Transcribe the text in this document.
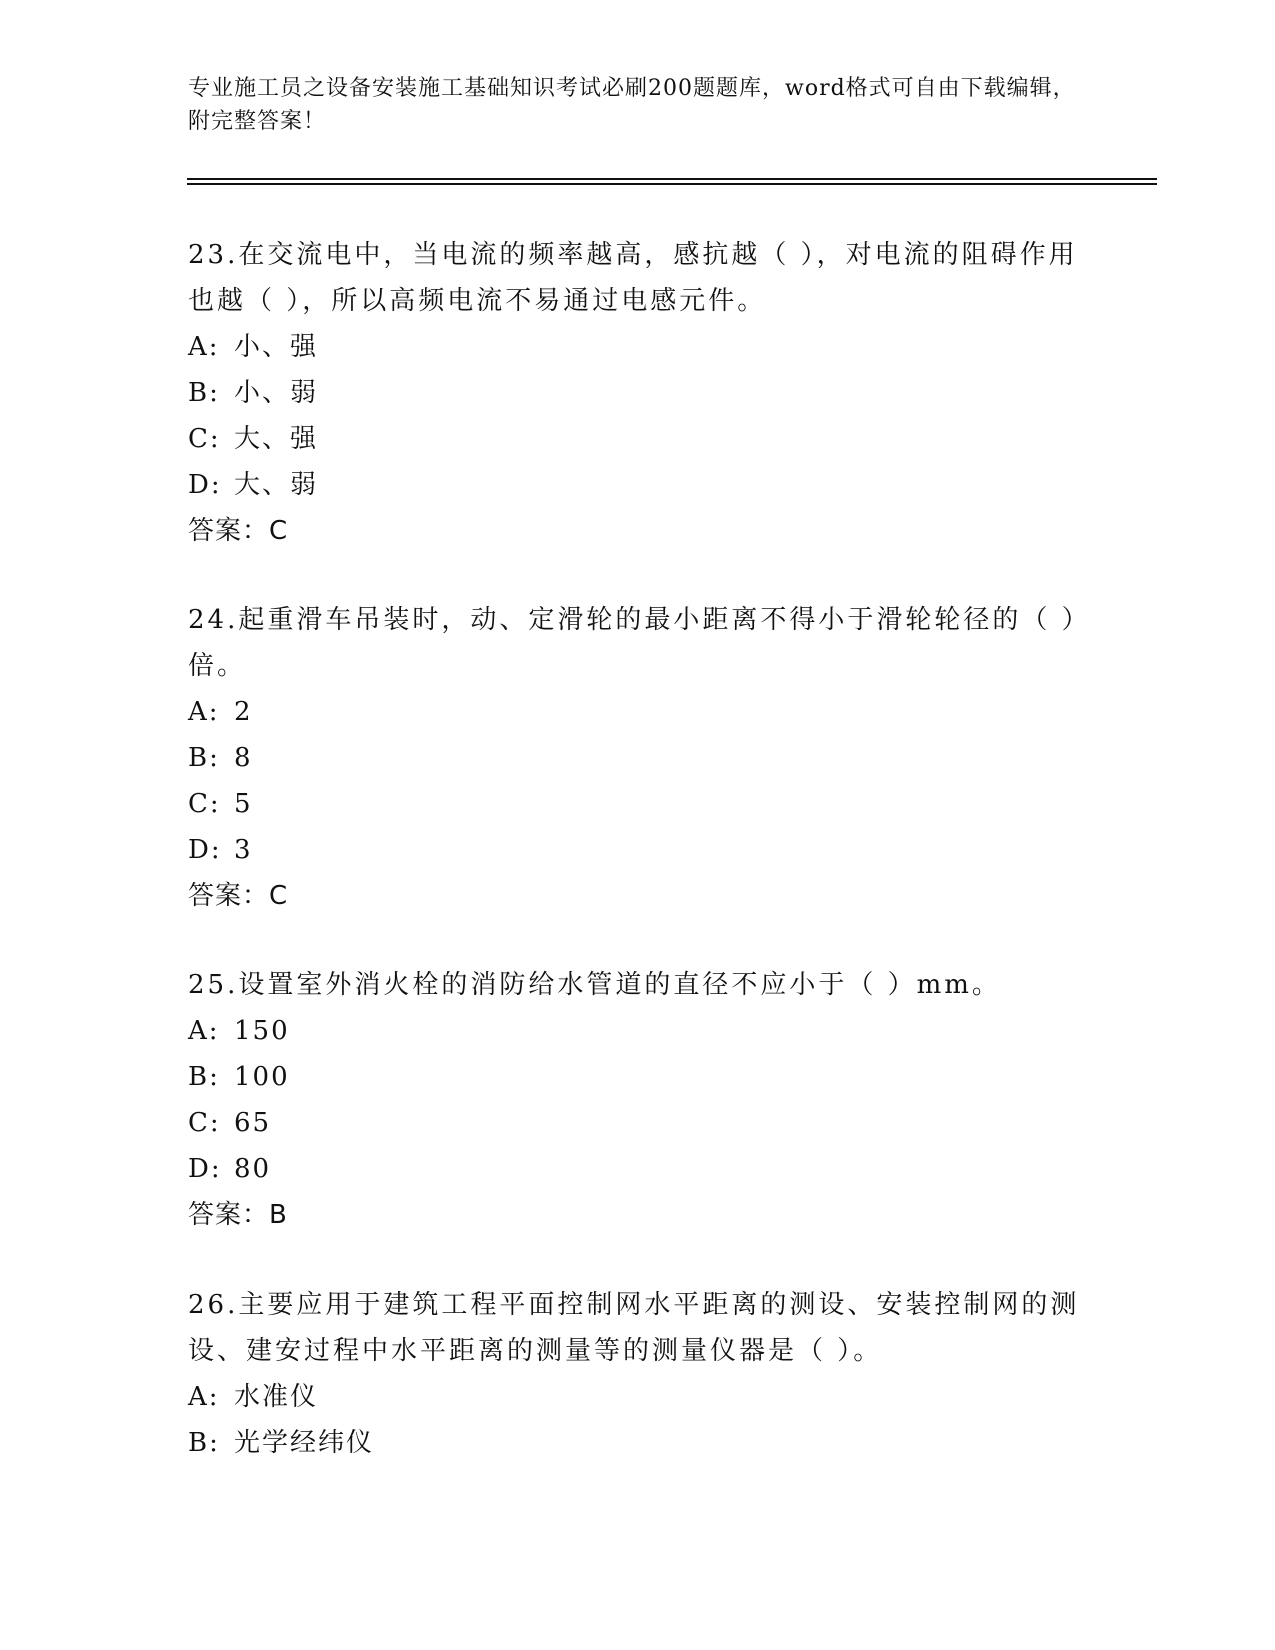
专业施工员之设备安装施工基础知识考试必刷200题题库，word格式可自由下载编辑，附完整答案！

23.在交流电中，当电流的频率越高，感抗越（ ），对电流的阻碍作用也越（ ），所以高频电流不易通过电感元件。

A: 小、强
B: 小、弱
C: 大、强
D: 大、弱
答案：C

24.起重滑车吊装时，动、定滑轮的最小距离不得小于滑轮轮径的（ ）倍。

A: 2
B: 8
C: 5
D: 3
答案：C

25.设置室外消火栓的消防给水管道的直径不应小于（ ）mm。

A: 150
B: 100
C: 65
D: 80
答案：B

26.主要应用于建筑工程平面控制网水平距离的测设、安装控制网的测设、建安过程中水平距离的测量等的测量仪器是（ ）。

A: 水准仪
B: 光学经纬仪
